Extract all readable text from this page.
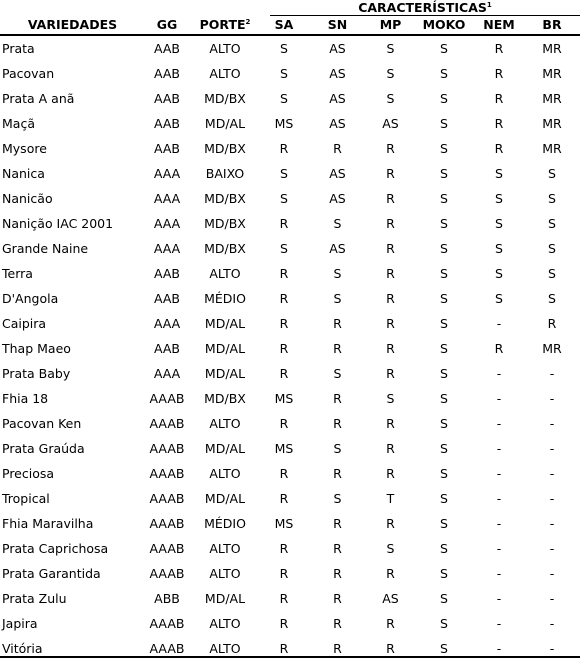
CARACTERÍSTICAS$^1$
VARIEDADES	GG	PORTE$^2$	SA	SN	MP	MOKO	NEM	BR
Prata	AAB	ALTO	S	AS	S	S	R	MR
Pacovan	AAB	ALTO	S	AS	S	S	R	MR
Prata A anã	AAB	MD/BX	S	AS	S	S	R	MR
Maçã	AAB	MD/AL	MS	AS	AS	S	R	MR
Mysore	AAB	MD/BX	R	R	R	S	R	MR
Nanica	AAA	BAIXO	S	AS	R	S	S	S
Nanicão	AAA	MD/BX	S	AS	R	S	S	S
Nanição IAC 2001	AAA	MD/BX	R	S	R	S	S	S
Grande Naine	AAA	MD/BX	S	AS	R	S	S	S
Terra	AAB	ALTO	R	S	R	S	S	S
D'Angola	AAB	MÉDIO	R	S	R	S	S	S
Caipira	AAA	MD/AL	R	R	R	S	-	R
Thap Maeo	AAB	MD/AL	R	R	R	S	R	MR
Prata Baby	AAA	MD/AL	R	S	R	S	-	-
Fhia 18	AAAB	MD/BX	MS	R	S	S	-	-
Pacovan Ken	AAAB	ALTO	R	R	R	S	-	-
Prata Graúda	AAAB	MD/AL	MS	S	R	S	-	-
Preciosa	AAAB	ALTO	R	R	R	S	-	-
Tropical	AAAB	MD/AL	R	S	T	S	-	-
Fhia Maravilha	AAAB	MÉDIO	MS	R	R	S	-	-
Prata Caprichosa	AAAB	ALTO	R	R	S	S	-	-
Prata Garantida	AAAB	ALTO	R	R	R	S	-	-
Prata Zulu	ABB	MD/AL	R	R	AS	S	-	-
Japira	AAAB	ALTO	R	R	R	S	-	-
Vitória	AAAB	ALTO	R	R	R	S	-	-
